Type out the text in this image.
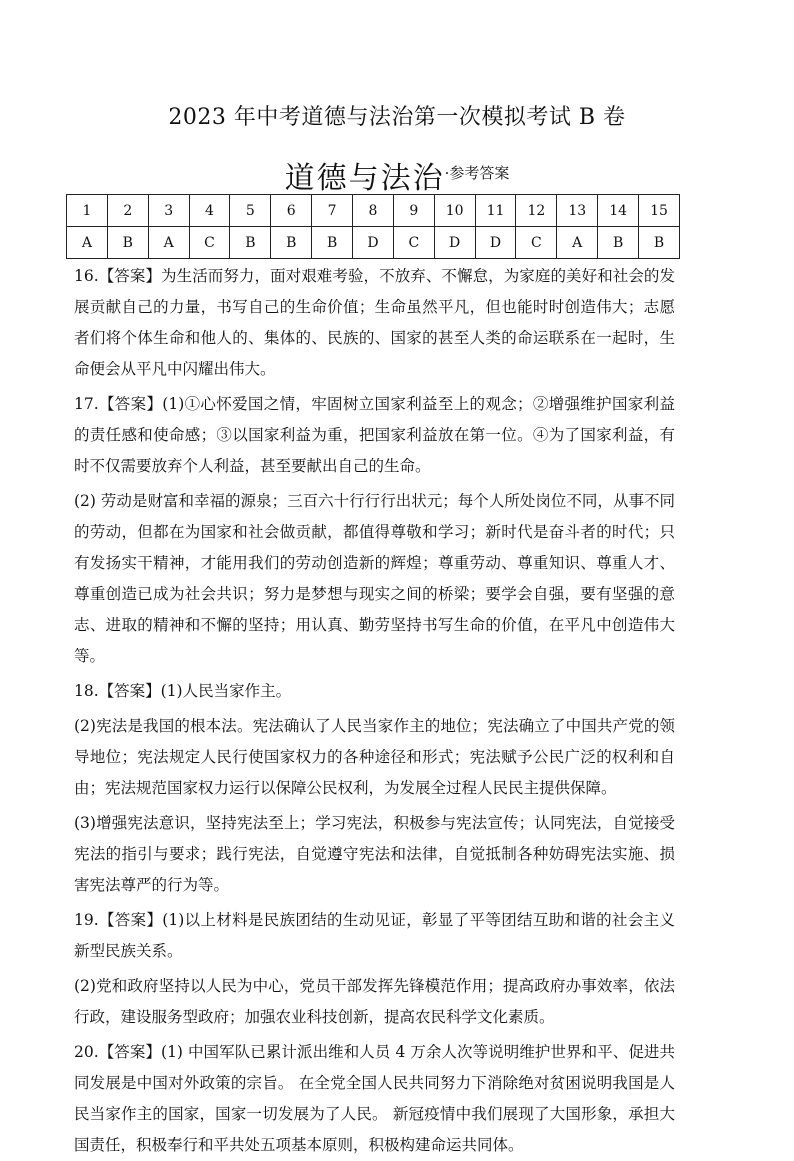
2023 年中考道德与法治第一次模拟考试 B 卷
道德与法治·参考答案
1	2	3	4	5	6	7	8	9	10	11	12	13	14	15
A	B	A	C	B	B	B	D	C	D	D	C	A	B	B

16.【答案】为生活而努力，面对艰难考验，不放弃、不懈怠，为家庭的美好和社会的发展贡献自己的力量，书写自己的生命价值；生命虽然平凡，但也能时时创造伟大；志愿者们将个体生命和他人的、集体的、民族的、国家的甚至人类的命运联系在一起时，生命便会从平凡中闪耀出伟大。

17.【答案】(1)①心怀爱国之情，牢固树立国家利益至上的观念；②增强维护国家利益的责任感和使命感；③以国家利益为重，把国家利益放在第一位。④为了国家利益，有时不仅需要放弃个人利益，甚至要献出自己的生命。

(2) 劳动是财富和幸福的源泉；三百六十行行行出状元；每个人所处岗位不同，从事不同的劳动，但都在为国家和社会做贡献，都值得尊敬和学习；新时代是奋斗者的时代；只有发扬实干精神，才能用我们的劳动创造新的辉煌；尊重劳动、尊重知识、尊重人才、尊重创造已成为社会共识；努力是梦想与现实之间的桥梁；要学会自强，要有坚强的意志、进取的精神和不懈的坚持；用认真、勤劳坚持书写生命的价值，在平凡中创造伟大等。

18.【答案】(1)人民当家作主。

(2)宪法是我国的根本法。宪法确认了人民当家作主的地位；宪法确立了中国共产党的领导地位；宪法规定人民行使国家权力的各种途径和形式；宪法赋予公民广泛的权利和自由；宪法规范国家权力运行以保障公民权利，为发展全过程人民民主提供保障。

(3)增强宪法意识，坚持宪法至上；学习宪法，积极参与宪法宣传；认同宪法，自觉接受宪法的指引与要求；践行宪法，自觉遵守宪法和法律，自觉抵制各种妨碍宪法实施、损害宪法尊严的行为等。

19.【答案】(1)以上材料是民族团结的生动见证，彰显了平等团结互助和谐的社会主义新型民族关系。

(2)党和政府坚持以人民为中心，党员干部发挥先锋模范作用；提高政府办事效率，依法行政，建设服务型政府；加强农业科技创新，提高农民科学文化素质。

20.【答案】(1) 中国军队已累计派出维和人员 4 万余人次等说明维护世界和平、促进共同发展是中国对外政策的宗旨。 在全党全国人民共同努力下消除绝对贫困说明我国是人民当家作主的国家，国家一切发展为了人民。 新冠疫情中我们展现了大国形象，承担大国责任，积极奉行和平共处五项基本原则，积极构建命运共同体。
